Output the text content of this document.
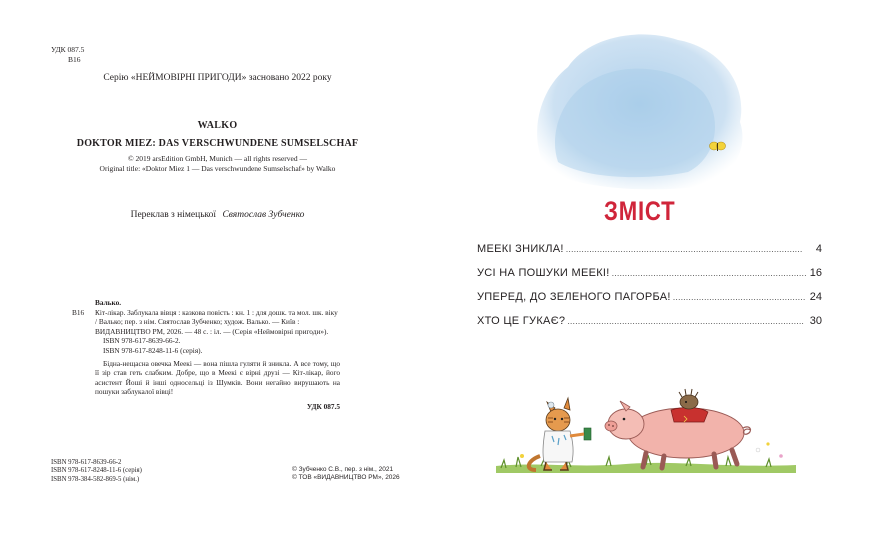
УДК 087.5
В16
Серію «НЕЙМОВІРНІ ПРИГОДИ» засновано 2022 року
WALKO
DOKTOR MIEZ: DAS VERSCHWUNDENE SUMSELSCHAF
© 2019 arsEdition GmbH, Munich — all rights reserved —
Original title: «Doktor Miez 1 — Das verschwundene Sumselschaf» by Walko
Переклав з німецької Святослав Зубченко
В16
Валько.
Кіт-лікар. Заблукала вівця : казкова повість : кн. 1 : для дошк. та мол. шк. віку / Валько; пер. з нім. Святослав Зубченко; худож. Валько. — Київ : ВИДАВНИЦТВО РМ, 2026. — 48 с. : іл. — (Серія «Неймовірні пригоди»).
ISBN 978-617-8639-66-2.
ISBN 978-617-8248-11-6 (серія).
Бідна-нещасна овечка Меекі — вона пішла гуляти й зникла. А все тому, що її зір став геть слабким. Добре, що в Меекі є вірні друзі — Кіт-лікар, його асистент Йоші й інші односельці із Шумків. Вони негайно вирушають на пошуки заблукалої вівці!
УДК 087.5
ISBN 978-617-8639-66-2
ISBN 978-617-8248-11-6 (серія)
ISBN 978-384-582-869-5 (нім.)
© Зубченко С.В., пер. з нім., 2021
© ТОВ «ВИДАВНИЦТВО РМ», 2026
ЗМІСТ
МЕЕКІ ЗНИКЛА! . . .	4
УСІ НА ПОШУКИ МЕЕКІ! . . .	16
УПЕРЕД, ДО ЗЕЛЕНОГО ПАГОРБА! . . .	24
ХТО ЦЕ ГУКАЄ? . . .	30
